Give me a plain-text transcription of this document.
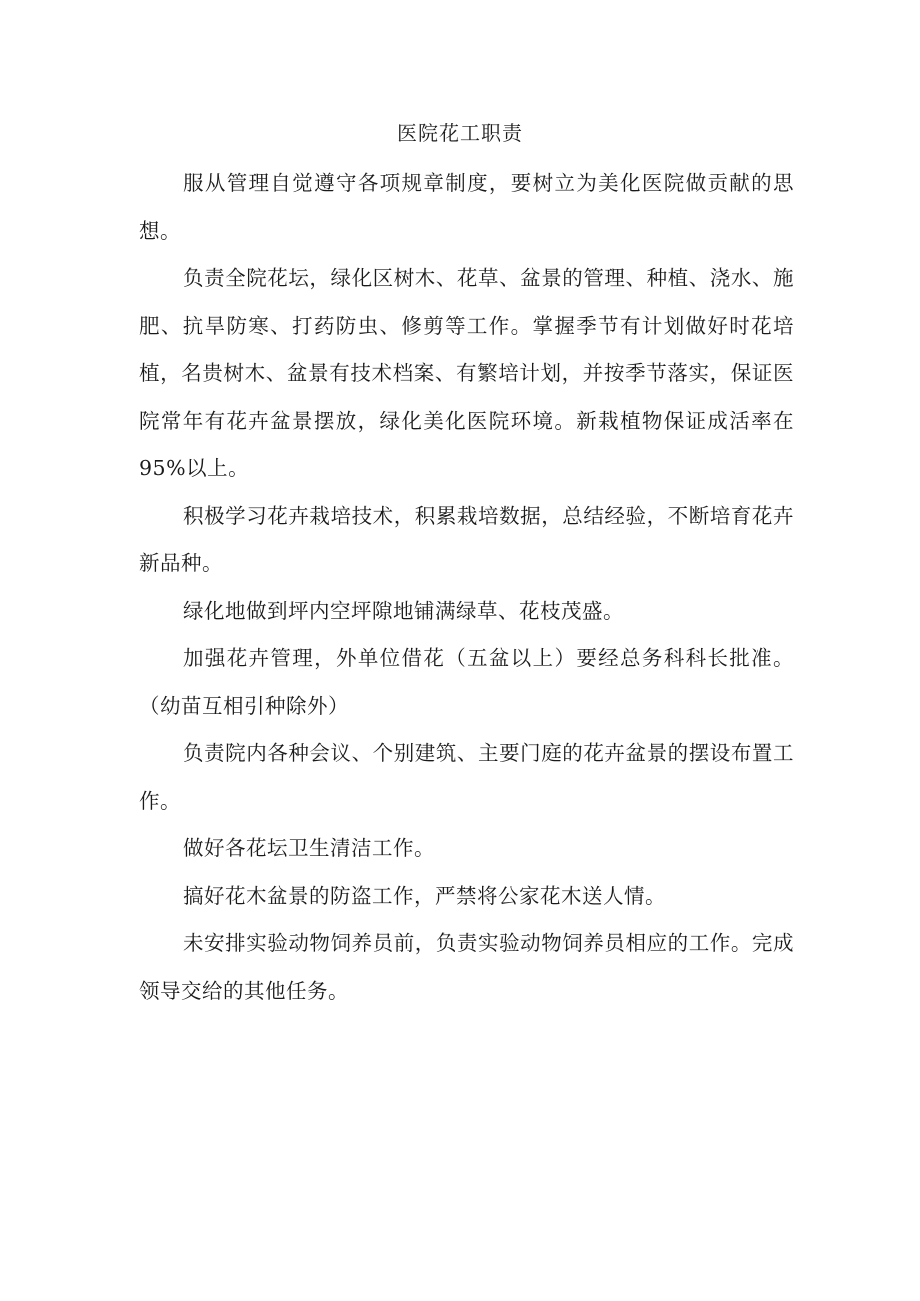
医院花工职责

服从管理自觉遵守各项规章制度，要树立为美化医院做贡献的思想。

负责全院花坛，绿化区树木、花草、盆景的管理、种植、浇水、施肥、抗旱防寒、打药防虫、修剪等工作。掌握季节有计划做好时花培植，名贵树木、盆景有技术档案、有繁培计划，并按季节落实，保证医院常年有花卉盆景摆放，绿化美化医院环境。新栽植物保证成活率在95%以上。

积极学习花卉栽培技术，积累栽培数据，总结经验，不断培育花卉新品种。

绿化地做到坪内空坪隙地铺满绿草、花枝茂盛。

加强花卉管理，外单位借花（五盆以上）要经总务科科长批准。（幼苗互相引种除外）

负责院内各种会议、个别建筑、主要门庭的花卉盆景的摆设布置工作。

做好各花坛卫生清洁工作。

搞好花木盆景的防盗工作，严禁将公家花木送人情。

未安排实验动物饲养员前，负责实验动物饲养员相应的工作。完成领导交给的其他任务。
